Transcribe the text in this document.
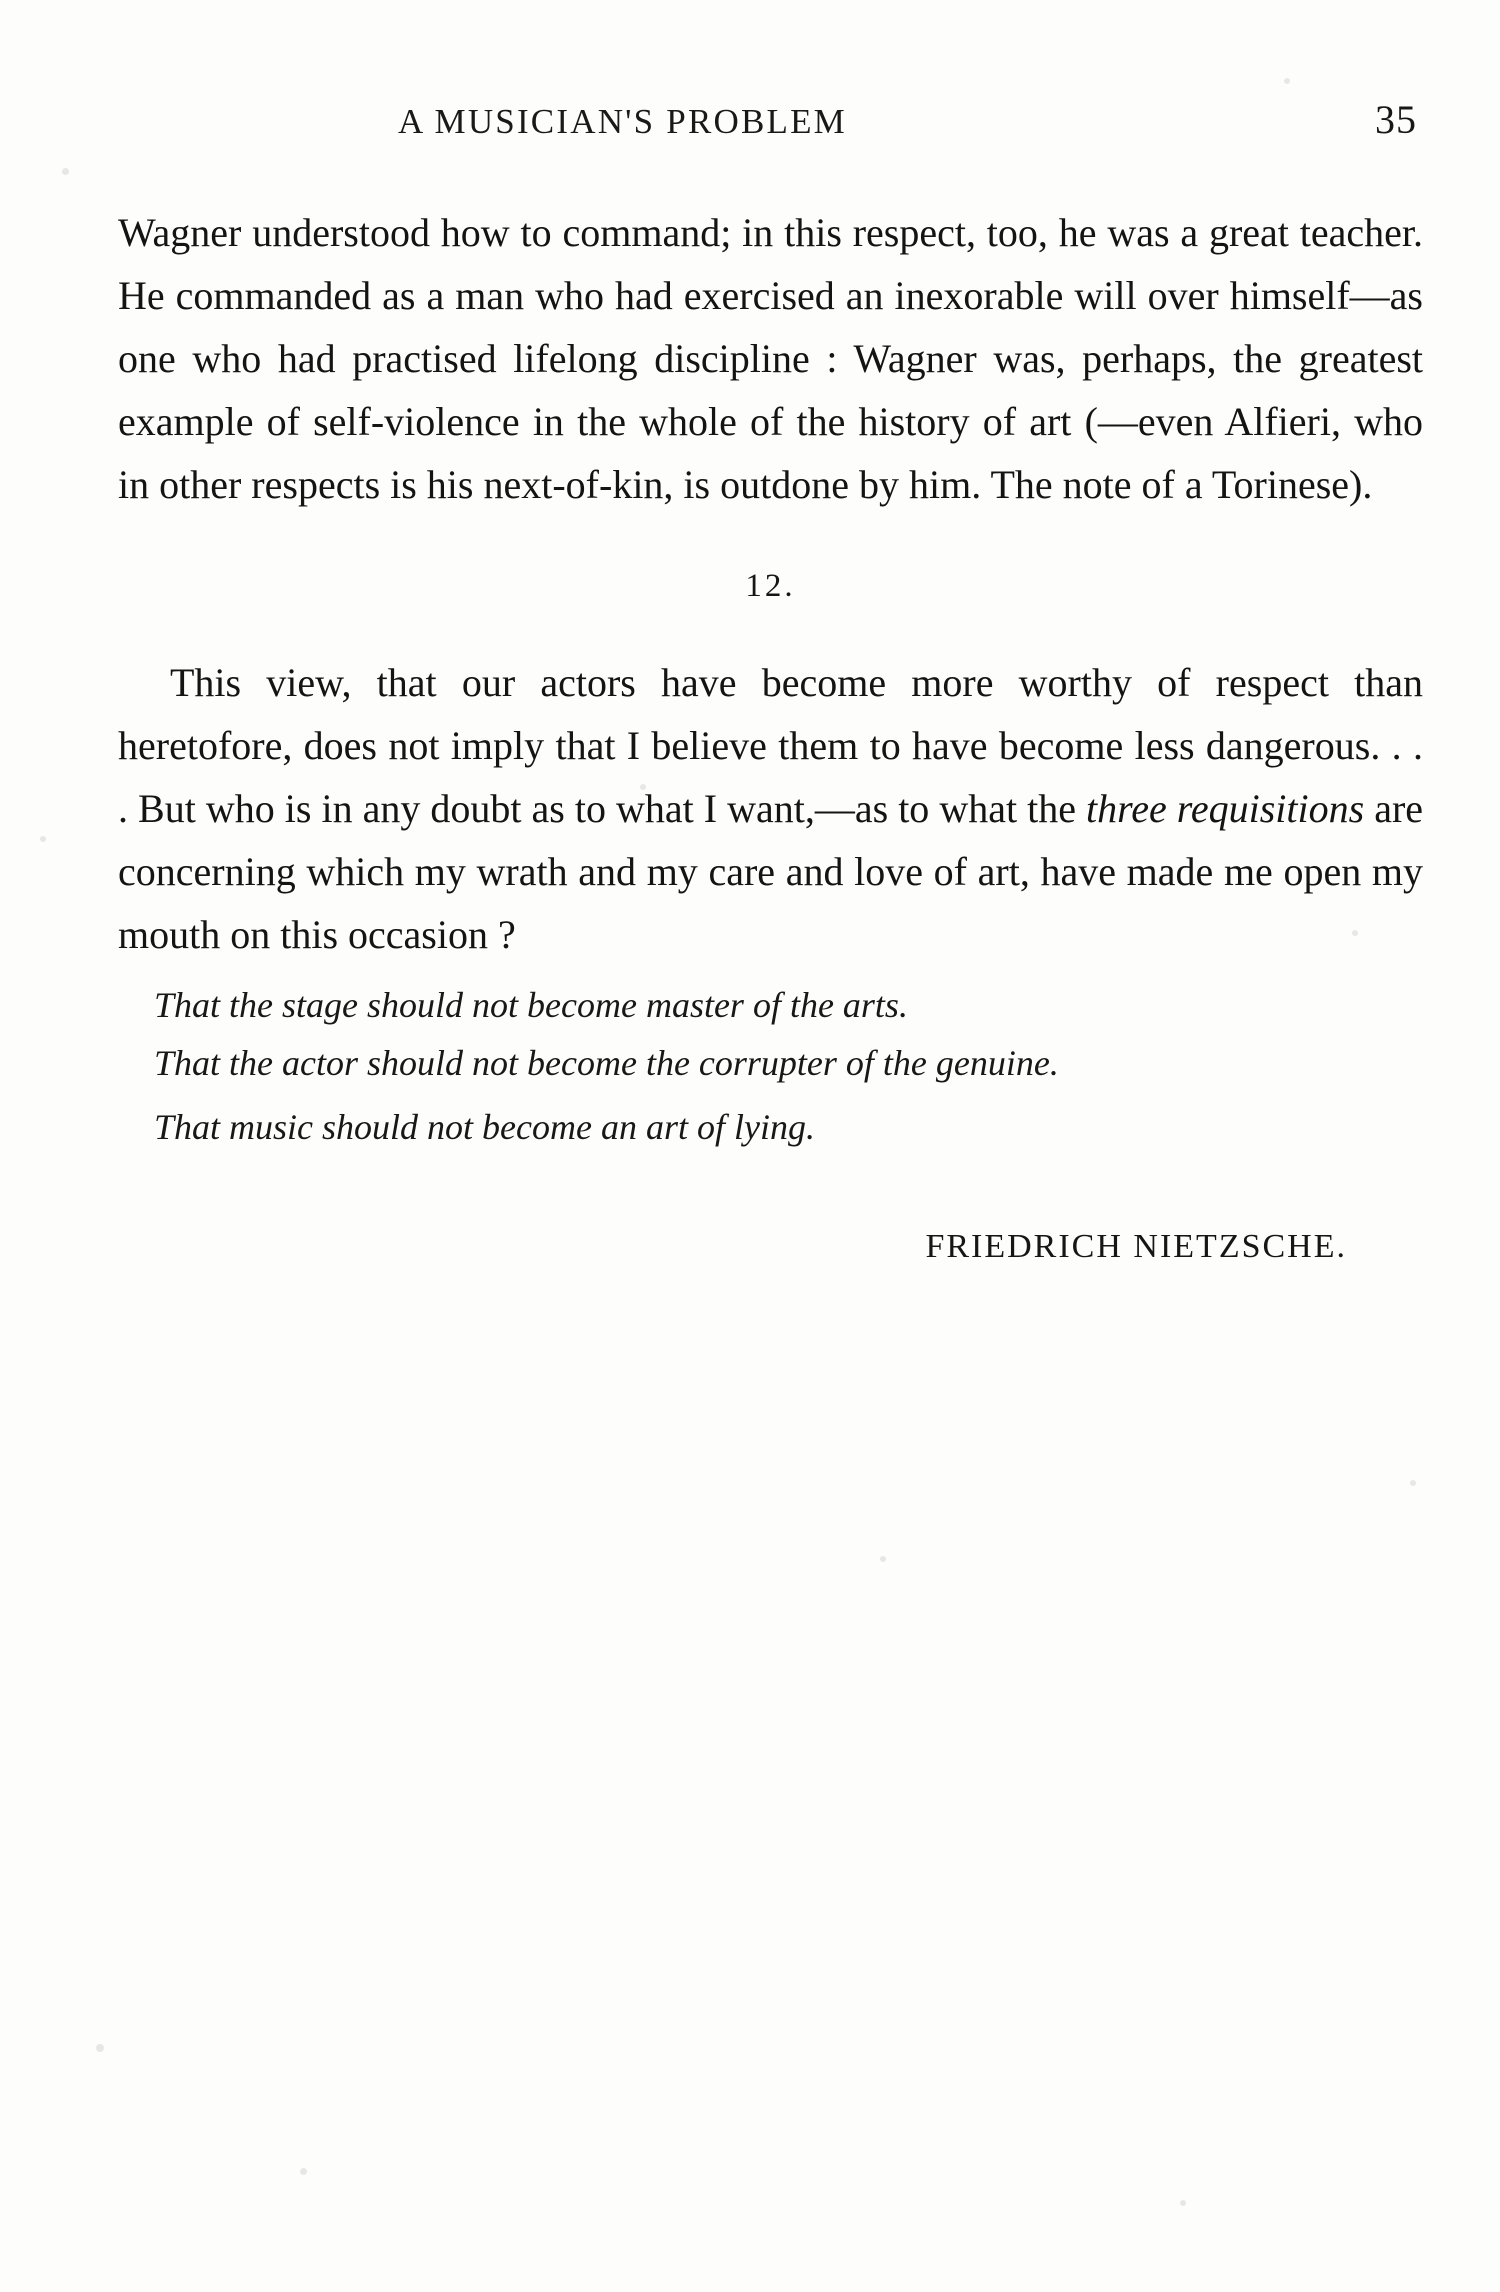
A MUSICIAN'S PROBLEM	35

Wagner understood how to command; in this respect, too, he was a great teacher. He commanded as a man who had exercised an inexorable will over himself—as one who had practised lifelong discipline : Wagner was, perhaps, the greatest example of self-violence in the whole of the history of art (—even Alfieri, who in other respects is his next-of-kin, is outdone by him. The note of a Torinese).

12.

This view, that our actors have become more worthy of respect than heretofore, does not imply that I believe them to have become less dangerous. . . . But who is in any doubt as to what I want,—as to what the three requisitions are concerning which my wrath and my care and love of art, have made me open my mouth on this occasion ?

That the stage should not become master of the arts.

That the actor should not become the corrupter of the genuine.

That music should not become an art of lying.

FRIEDRICH NIETZSCHE.
